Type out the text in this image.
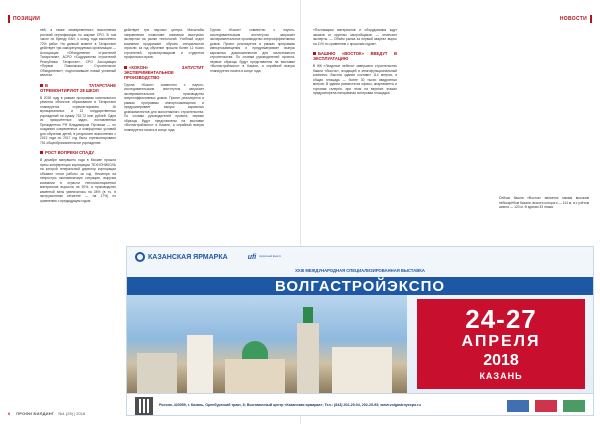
ПОЗИЦИИ

ней, а также своевременного выполнения условий сертификации по закупке СРО. В том числе по бренду КАН, к концу года выполнено 72% работ. На данный момент в Татарстане действует три саморегулируемых организации — Ассоциация «Объединение строителей Татарстана», АСРО «Содружество строителей Республики Татарстан», СРО Ассоциация «Первое Поволжское Строительное Объединение», подготовившие новый уставный капитал.

В ТАТАРСТАНЕ ОТРЕМОНТИРУЮТ 28 ШКОЛ

В 2018 году в рамках программы капитального ремонта объектов образования в Татарстане планируется отремонтировать 16 муниципальных и 12 государственных учреждений на сумму 732,72 млн рублей. Одна из приоритетных задач, поставленных Президентом РФ Владимиром Путиным — по созданию современных и комфортных условий для обучения детей, в результате выполнения с 2013 года по 2017 год было отремонтировано 751 общеобразовательное учреждение.

РОСТ ВОПРЕКИ СПАДУ

В декабре минувшего года в Москве прошла пресс-конференция корпорации ТЕХНОНИКОЛЬ на которой генеральный директор корпорации объявил итоги работы за год. Несмотря на непростую экономическую ситуацию, выручка компании в отрасли теплоизоляционных материалов выросла на 30%, а производство каменной ваты увеличилось на 28% (в т.ч. в экструзионном сегменте — на 17%) по сравнению с предыдущим годом.

действует три научных центра. Масштабы направления позволяют компании выступать экспертом на рынке технологий. Учебный отдел компании продолжает обучать специалистов отрасли: за год обучение прошли более 12 тысяч строителей, проектировщиков и студентов профильных вузов.

«КОКОН» ЗАПУСТИТ ЭКСПЕРИМЕНТАЛЬНОЕ ПРОИЗВОДСТВО

Группа «Кокон» совместно с научно-исследовательским институтом запускает экспериментальное производство энергоэффективных домов. Проект реализуется в рамках программы импортозамещения и предусматривает выпуск каркасных домокомплектов для малоэтажного строительства. По словам руководителей проекта, первые образцы будут представлены на выставке «Волгастройэкспо» в Казани, а серийный выпуск планируется начать в конце года.

Группа «Кокон» совместно с научно-исследовательским институтом запускает экспериментальное производство энергоэффективных домов. Проект реализуется в рамках программы импортозамещения и предусматривает выпуск каркасных домокомплектов для малоэтажного строительства. По словам руководителей проекта, первые образцы будут представлены на выставке «Волгастройэкспо» в Казани, а серийный выпуск планируется начать в конце года.

6 ПРОФИ БИЛДИНГ №1 (25) | 2018
НОВОСТИ

«Поставщики материалов и оборудования ждут заказов от крупных застройщиков, — отмечают эксперты. — Объём рынка за первый квартал вырос на 11% по сравнению с прошлым годом».

БАШНЮ «ВОСТОК» ВВЕДУТ В ЭКСПЛУАТАЦИЮ

В ЖК «Лазурные небеса» завершено строительство башни «Восток», входящей в многофункциональный комплекс. Высота здания составит 114 метров, а общая площадь — более 30 тысяч квадратных метров. В здании разместятся офисы, апартаменты и торговая галерея, при этом на верхних этажах предусмотрена панорамная смотровая площадка.

Сейчас башня «Восток» является самым высоким небоскрёбом Казани, высота которого — 114 м, а с учётом шпиля — 120 м. В здании 33 этажа.

КАЗАНСКАЯ ЯРМАРКА	ufi Approved Event
XXIII МЕЖДУНАРОДНАЯ СПЕЦИАЛИЗИРОВАННАЯ ВЫСТАВКА
ВОЛГАСТРОЙЭКСПО
24-27
АПРЕЛЯ
2018
КАЗАНЬ
Россия, 420059, г. Казань, Оренбургский тракт, 8; Выставочный центр «Казанская ярмарка»; Тел.: (843) 202-29-04, 202-29-93; www.volgastroyexpo.ru
